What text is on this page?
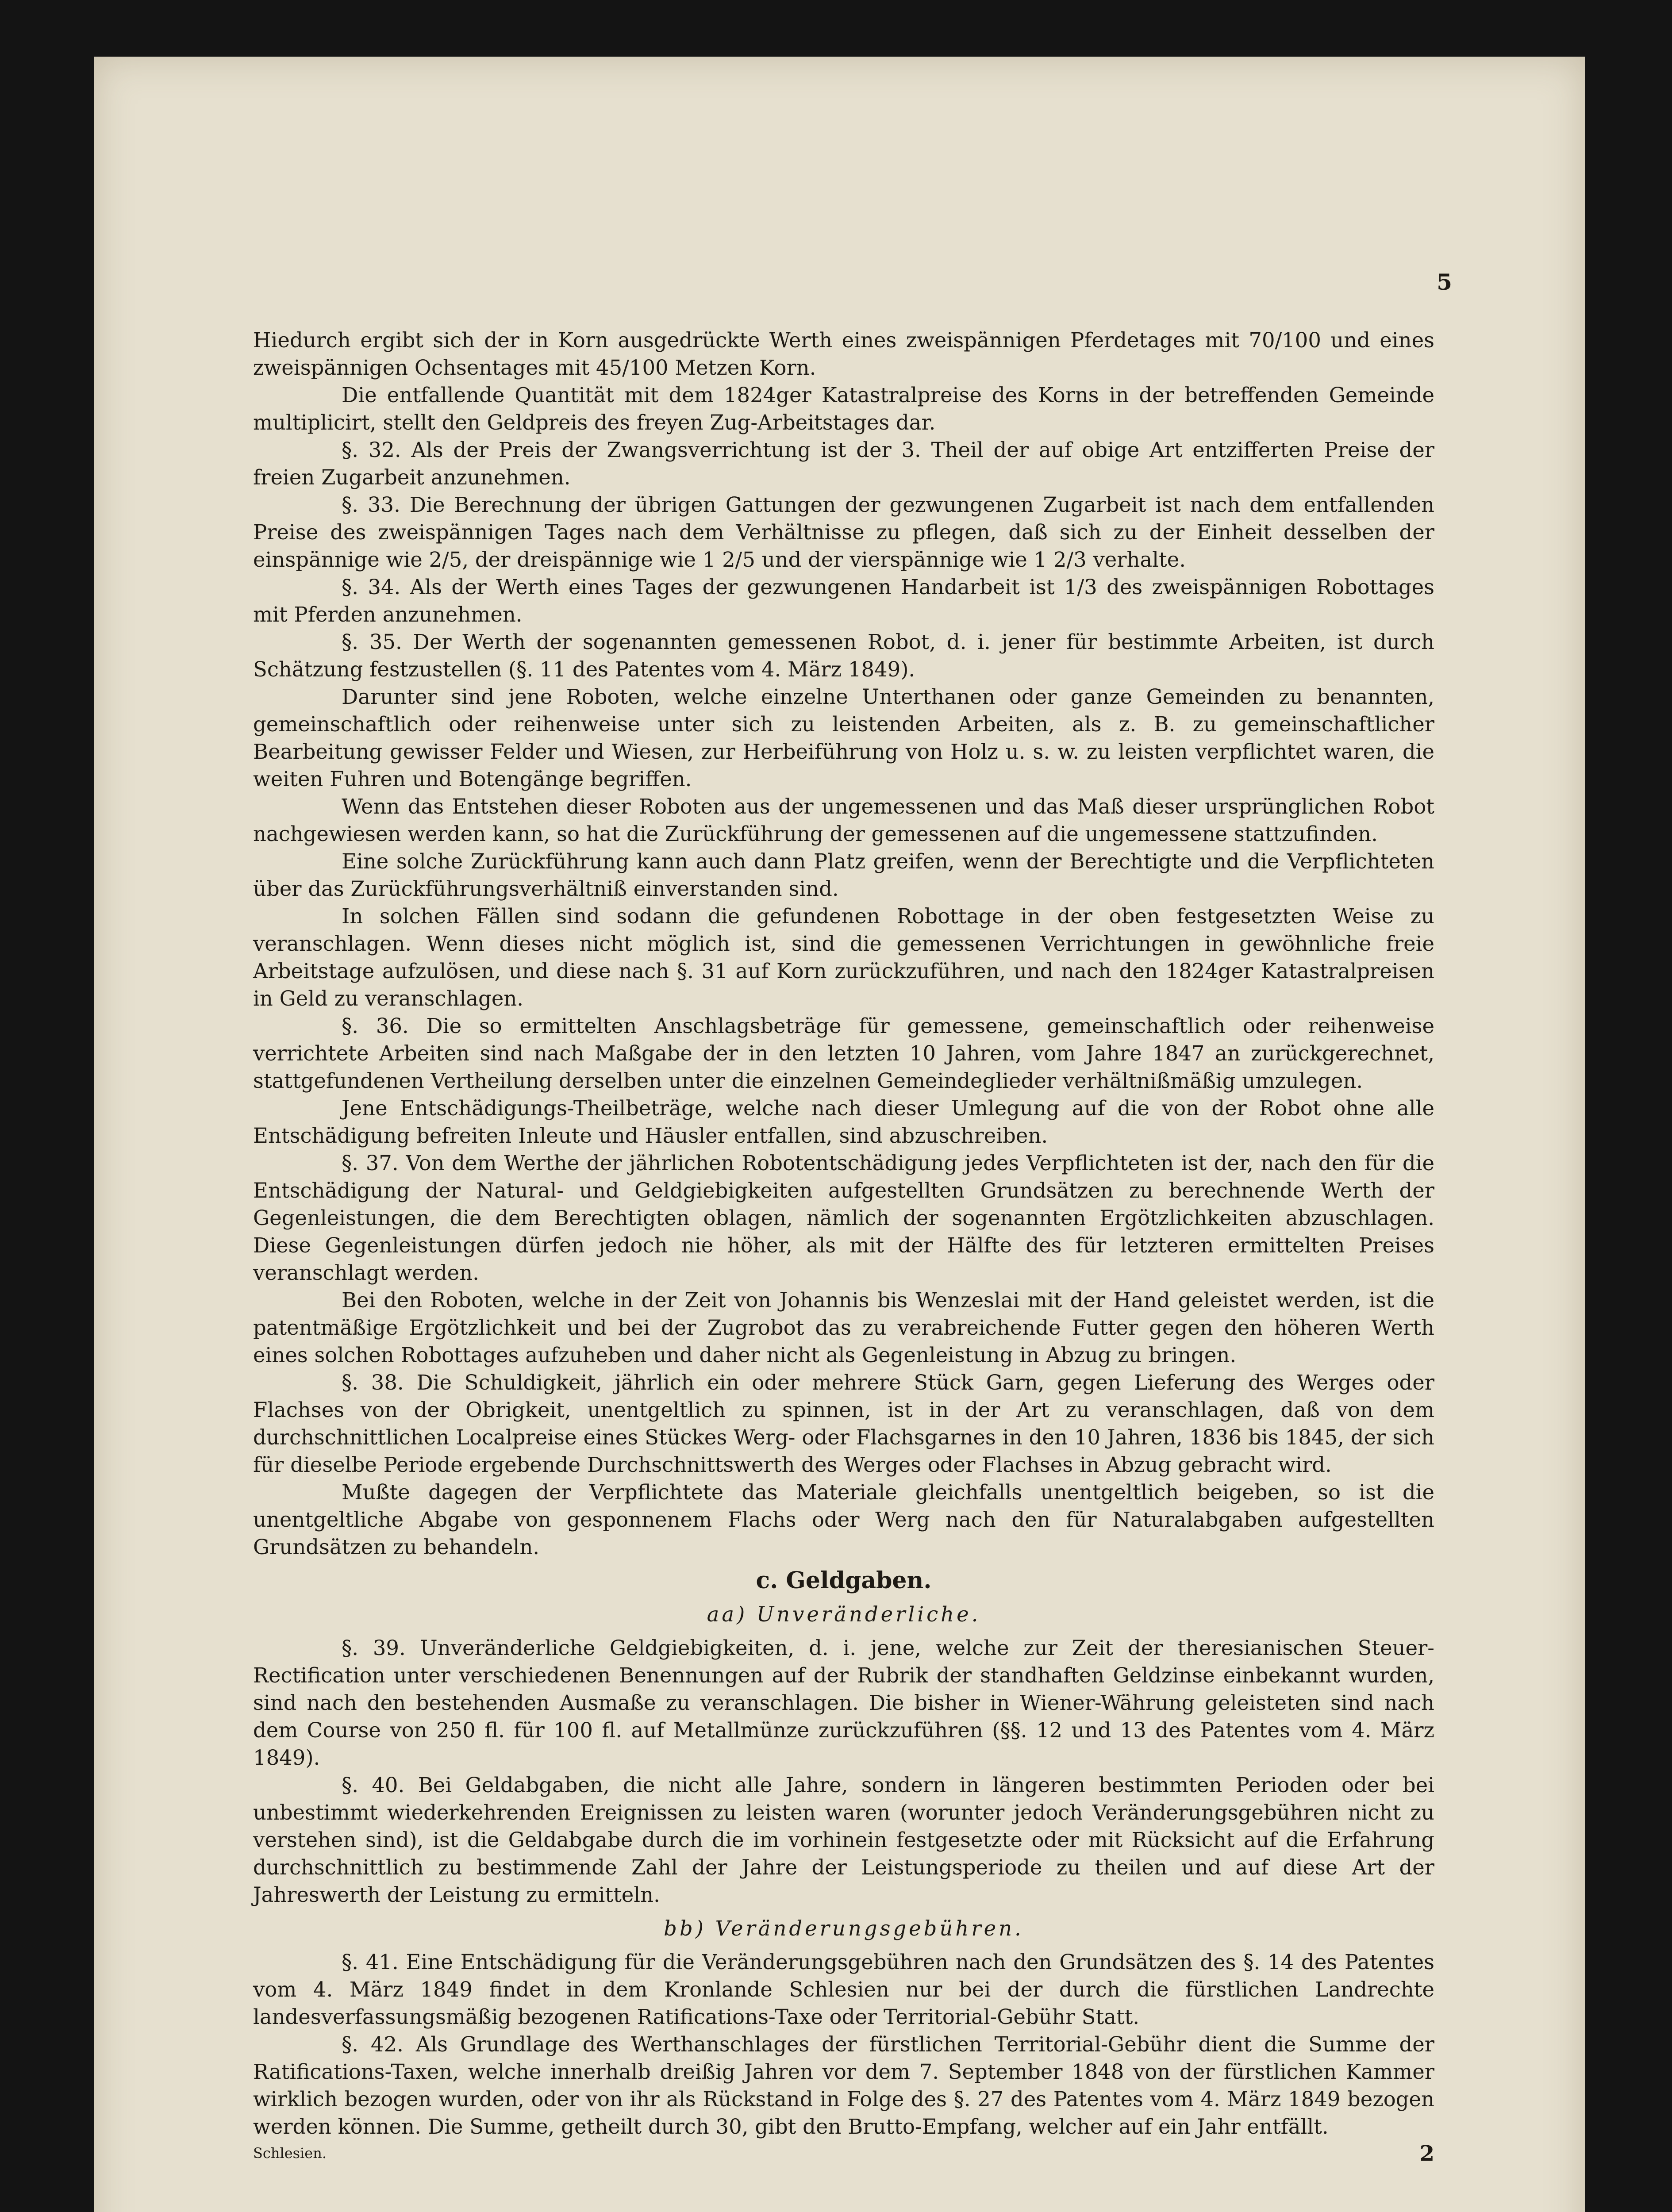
5

Hiedurch ergibt sich der in Korn ausgedrückte Werth eines zweispännigen Pferdetages mit 70/100 und eines zweispännigen Ochsentages mit 45/100 Metzen Korn.

Die entfallende Quantität mit dem 1824ger Katastralpreise des Korns in der betreffenden Gemeinde multiplicirt, stellt den Geldpreis des freyen Zug-Arbeitstages dar.

§. 32. Als der Preis der Zwangsverrichtung ist der 3. Theil der auf obige Art entzifferten Preise der freien Zugarbeit anzunehmen.

§. 33. Die Berechnung der übrigen Gattungen der gezwungenen Zugarbeit ist nach dem entfallenden Preise des zweispännigen Tages nach dem Verhältnisse zu pflegen, daß sich zu der Einheit desselben der einspännige wie 2/5, der dreispännige wie 1 2/5 und der vierspännige wie 1 2/3 verhalte.

§. 34. Als der Werth eines Tages der gezwungenen Handarbeit ist 1/3 des zweispännigen Robottages mit Pferden anzunehmen.

§. 35. Der Werth der sogenannten gemessenen Robot, d. i. jener für bestimmte Arbeiten, ist durch Schätzung festzustellen (§. 11 des Patentes vom 4. März 1849).

Darunter sind jene Roboten, welche einzelne Unterthanen oder ganze Gemeinden zu benannten, gemeinschaftlich oder reihenweise unter sich zu leistenden Arbeiten, als z. B. zu gemeinschaftlicher Bearbeitung gewisser Felder und Wiesen, zur Herbeiführung von Holz u. s. w. zu leisten verpflichtet waren, die weiten Fuhren und Botengänge begriffen.

Wenn das Entstehen dieser Roboten aus der ungemessenen und das Maß dieser ursprünglichen Robot nachgewiesen werden kann, so hat die Zurückführung der gemessenen auf die ungemessene stattzufinden.

Eine solche Zurückführung kann auch dann Platz greifen, wenn der Berechtigte und die Verpflichteten über das Zurückführungsverhältniß einverstanden sind.

In solchen Fällen sind sodann die gefundenen Robottage in der oben festgesetzten Weise zu veranschlagen. Wenn dieses nicht möglich ist, sind die gemessenen Verrichtungen in gewöhnliche freie Arbeitstage aufzulösen, und diese nach §. 31 auf Korn zurückzuführen, und nach den 1824ger Katastralpreisen in Geld zu veranschlagen.

§. 36. Die so ermittelten Anschlagsbeträge für gemessene, gemeinschaftlich oder reihenweise verrichtete Arbeiten sind nach Maßgabe der in den letzten 10 Jahren, vom Jahre 1847 an zurückgerechnet, stattgefundenen Vertheilung derselben unter die einzelnen Gemeindeglieder verhältnißmäßig umzulegen.

Jene Entschädigungs-Theilbeträge, welche nach dieser Umlegung auf die von der Robot ohne alle Entschädigung befreiten Inleute und Häusler entfallen, sind abzuschreiben.

§. 37. Von dem Werthe der jährlichen Robotentschädigung jedes Verpflichteten ist der, nach den für die Entschädigung der Natural- und Geldgiebigkeiten aufgestellten Grundsätzen zu berechnende Werth der Gegenleistungen, die dem Berechtigten oblagen, nämlich der sogenannten Ergötzlichkeiten abzuschlagen. Diese Gegenleistungen dürfen jedoch nie höher, als mit der Hälfte des für letzteren ermittelten Preises veranschlagt werden.

Bei den Roboten, welche in der Zeit von Johannis bis Wenzeslai mit der Hand geleistet werden, ist die patentmäßige Ergötzlichkeit und bei der Zugrobot das zu verabreichende Futter gegen den höheren Werth eines solchen Robottages aufzuheben und daher nicht als Gegenleistung in Abzug zu bringen.

§. 38. Die Schuldigkeit, jährlich ein oder mehrere Stück Garn, gegen Lieferung des Werges oder Flachses von der Obrigkeit, unentgeltlich zu spinnen, ist in der Art zu veranschlagen, daß von dem durchschnittlichen Localpreise eines Stückes Werg- oder Flachsgarnes in den 10 Jahren, 1836 bis 1845, der sich für dieselbe Periode ergebende Durchschnittswerth des Werges oder Flachses in Abzug gebracht wird.

Mußte dagegen der Verpflichtete das Materiale gleichfalls unentgeltlich beigeben, so ist die unentgeltliche Abgabe von gesponnenem Flachs oder Werg nach den für Naturalabgaben aufgestellten Grundsätzen zu behandeln.

c. Geldgaben.
aa) Unveränderliche.

§. 39. Unveränderliche Geldgiebigkeiten, d. i. jene, welche zur Zeit der theresianischen Steuer-Rectification unter verschiedenen Benennungen auf der Rubrik der standhaften Geldzinse einbekannt wurden, sind nach den bestehenden Ausmaße zu veranschlagen. Die bisher in Wiener-Währung geleisteten sind nach dem Course von 250 fl. für 100 fl. auf Metallmünze zurückzuführen (§§. 12 und 13 des Patentes vom 4. März 1849).

§. 40. Bei Geldabgaben, die nicht alle Jahre, sondern in längeren bestimmten Perioden oder bei unbestimmt wiederkehrenden Ereignissen zu leisten waren (worunter jedoch Veränderungsgebühren nicht zu verstehen sind), ist die Geldabgabe durch die im vorhinein festgesetzte oder mit Rücksicht auf die Erfahrung durchschnittlich zu bestimmende Zahl der Jahre der Leistungsperiode zu theilen und auf diese Art der Jahreswerth der Leistung zu ermitteln.

bb) Veränderungsgebühren.

§. 41. Eine Entschädigung für die Veränderungsgebühren nach den Grundsätzen des §. 14 des Patentes vom 4. März 1849 findet in dem Kronlande Schlesien nur bei der durch die fürstlichen Landrechte landesverfassungsmäßig bezogenen Ratifications-Taxe oder Territorial-Gebühr Statt.

§. 42. Als Grundlage des Werthanschlages der fürstlichen Territorial-Gebühr dient die Summe der Ratifications-Taxen, welche innerhalb dreißig Jahren vor dem 7. September 1848 von der fürstlichen Kammer wirklich bezogen wurden, oder von ihr als Rückstand in Folge des §. 27 des Patentes vom 4. März 1849 bezogen werden können. Die Summe, getheilt durch 30, gibt den Brutto-Empfang, welcher auf ein Jahr entfällt.

Schlesien.	2
